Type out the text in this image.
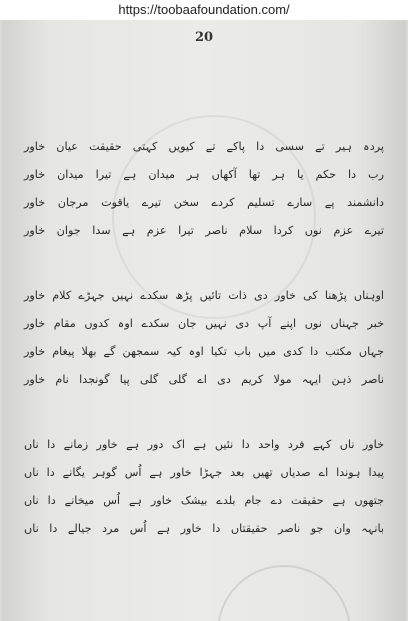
https://toobaafoundation.com/
20
پردہ ہیر تے سسی دا پاکے تے کیویں کہتی حقیقت عیان خاور
رب دا حکم یا ہر تھا آکھاں ہر میدان ہے تیرا میدان خاور
دانشمند پے سارے تسلیم کردے سخن تیرے یاقوت مرجان خاور
تیرے عزم نوں کردا سلام ناصر تیرا عزم ہے سدا جوان خاور
اوہناں پڑھنا کی خاور دی ذات تائیں پڑھ سکدے نہیں جہڑے کلام خاور
خبر جہناں نوں اپنے آپ دی نہیں جان سکدے اوہ کدوں مقام خاور
جہاں مکتب دا کدی میں باب تکیا اوہ کیہ سمجھن گے بھلا پیغام خاور
ناصر ذہن ایہہ مولا کریم دی اے گلی گلی پیا گونجدا نام خاور
خاور ناں کہے فرد واحد دا نئیں ہے اک دور ہے خاور زمانے دا ناں
پیدا ہوندا اے صدیاں تھیں بعد جہڑا خاور ہے اُس گوہر یگانے دا ناں
جتھوں ہے حقیقت دے جام بلدے بیشک خاور ہے اُس میخانے دا ناں
بانہہ وان جو ناصر حقیقتاں دا خاور ہے اُس مرد جیالے دا ناں
